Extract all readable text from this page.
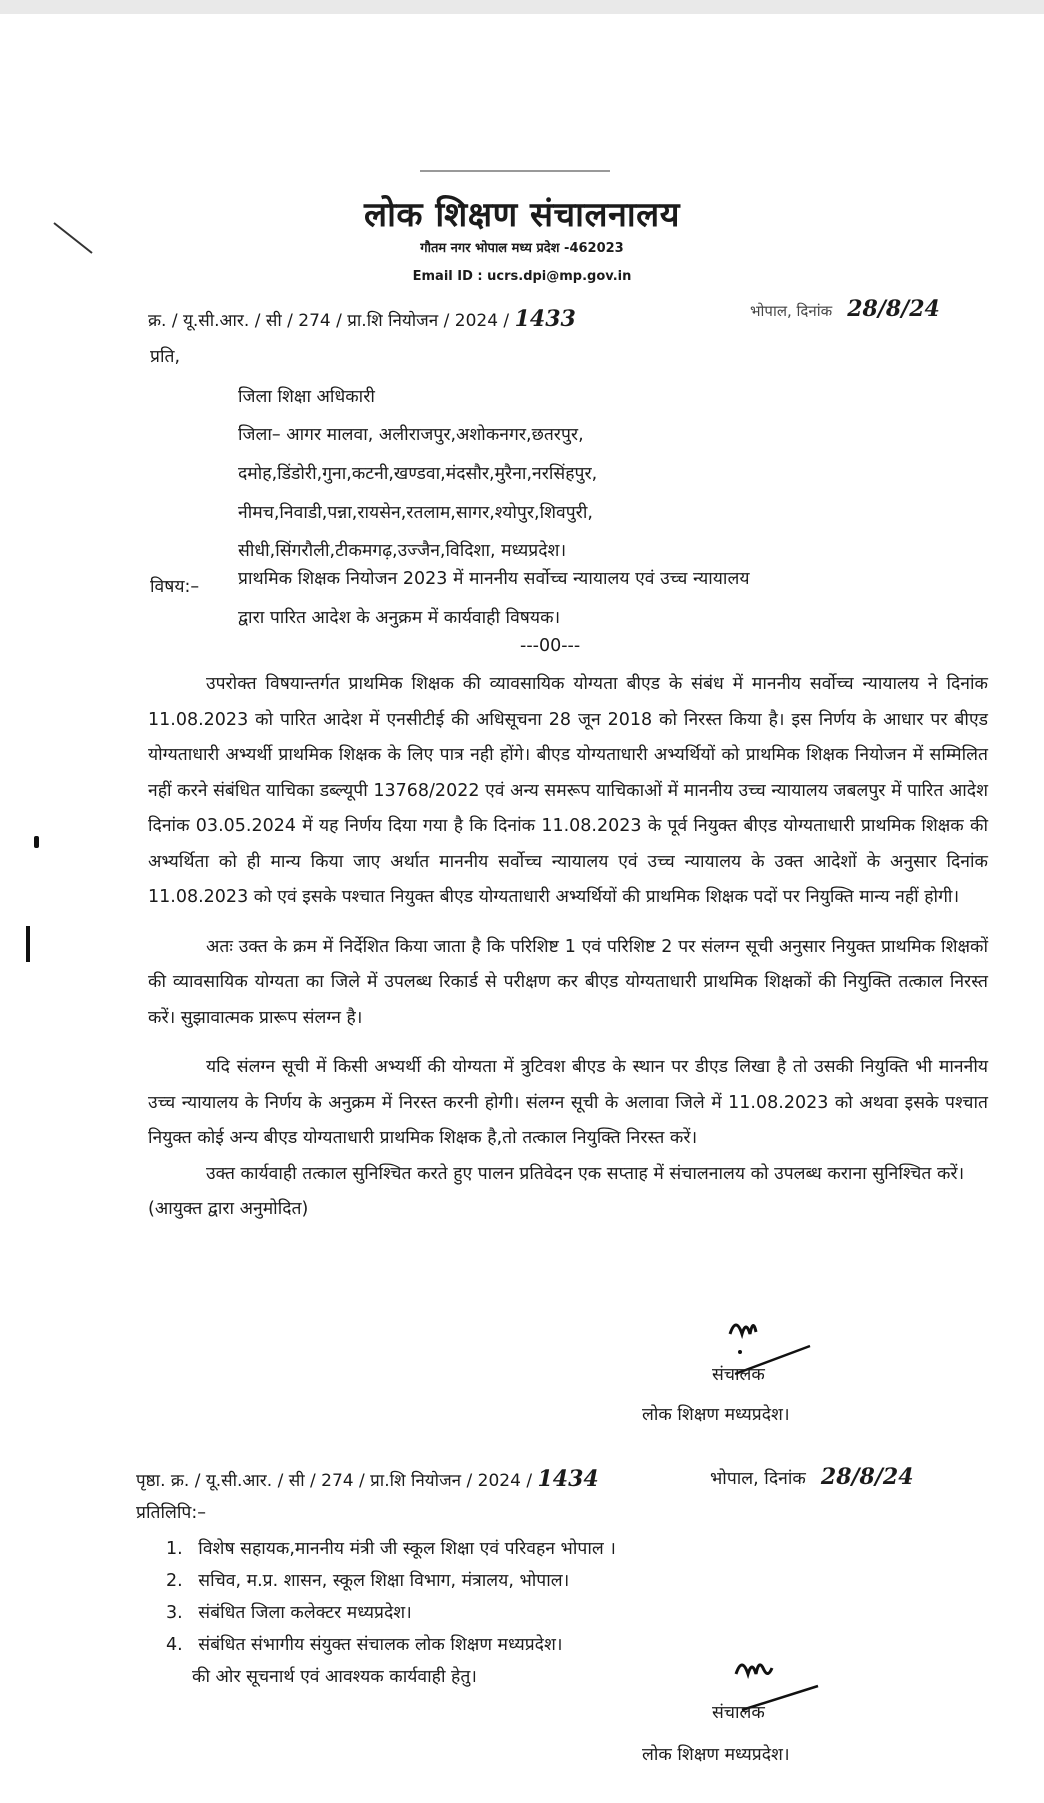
लोक शिक्षण संचालनालय
गौतम नगर भोपाल मध्य प्रदेश -462023
Email ID : ucrs.dpi@mp.gov.in
क्र. / यू.सी.आर. / सी / 274 / प्रा.शि नियोजन / 2024 / 1433	भोपाल, दिनांक 28/8/24
प्रति,
जिला शिक्षा अधिकारी
जिला– आगर मालवा, अलीराजपुर,अशोकनगर,छतरपुर,
दमोह,डिंडोरी,गुना,कटनी,खण्डवा,मंदसौर,मुरैना,नरसिंहपुर,
नीमच,निवाडी,पन्ना,रायसेन,रतलाम,सागर,श्योपुर,शिवपुरी,
सीधी,सिंगरौली,टीकमगढ़,उज्जैन,विदिशा, मध्यप्रदेश।
विषय:– प्राथमिक शिक्षक नियोजन 2023 में माननीय सर्वोच्च न्यायालय एवं उच्च न्यायालय
द्वारा पारित आदेश के अनुक्रम में कार्यवाही विषयक।
---00---

उपरोक्त विषयान्तर्गत प्राथमिक शिक्षक की व्यावसायिक योग्यता बीएड के संबंध में माननीय सर्वोच्च न्यायालय ने दिनांक 11.08.2023 को पारित आदेश में एनसीटीई की अधिसूचना 28 जून 2018 को निरस्त किया है। इस निर्णय के आधार पर बीएड योग्यताधारी अभ्यर्थी प्राथमिक शिक्षक के लिए पात्र नही होंगे। बीएड योग्यताधारी अभ्यर्थियों को प्राथमिक शिक्षक नियोजन में सम्मिलित नहीं करने संबंधित याचिका डब्ल्यूपी 13768/2022 एवं अन्य समरूप याचिकाओं में माननीय उच्च न्यायालय जबलपुर में पारित आदेश दिनांक 03.05.2024 में यह निर्णय दिया गया है कि दिनांक 11.08.2023 के पूर्व नियुक्त बीएड योग्यताधारी प्राथमिक शिक्षक की अभ्यर्थिता को ही मान्य किया जाए अर्थात माननीय सर्वोच्च न्यायालय एवं उच्च न्यायालय के उक्त आदेशों के अनुसार दिनांक 11.08.2023 को एवं इसके पश्चात नियुक्त बीएड योग्यताधारी अभ्यर्थियों की प्राथमिक शिक्षक पदों पर नियुक्ति मान्य नहीं होगी।

अतः उक्त के क्रम में निर्देशित किया जाता है कि परिशिष्ट 1 एवं परिशिष्ट 2 पर संलग्न सूची अनुसार नियुक्त प्राथमिक शिक्षकों की व्यावसायिक योग्यता का जिले में उपलब्ध रिकार्ड से परीक्षण कर बीएड योग्यताधारी प्राथमिक शिक्षकों की नियुक्ति तत्काल निरस्त करें। सुझावात्मक प्रारूप संलग्न है।

यदि संलग्न सूची में किसी अभ्यर्थी की योग्यता में त्रुटिवश बीएड के स्थान पर डीएड लिखा है तो उसकी नियुक्ति भी माननीय उच्च न्यायालय के निर्णय के अनुक्रम में निरस्त करनी होगी। संलग्न सूची के अलावा जिले में 11.08.2023 को अथवा इसके पश्चात नियुक्त कोई अन्य बीएड योग्यताधारी प्राथमिक शिक्षक है,तो तत्काल नियुक्ति निरस्त करें।

उक्त कार्यवाही तत्काल सुनिश्चित करते हुए पालन प्रतिवेदन एक सप्ताह में संचालनालय को उपलब्ध कराना सुनिश्चित करें।

(आयुक्त द्वारा अनुमोदित)

संचालक
लोक शिक्षण मध्यप्रदेश।
पृष्ठा. क्र. / यू.सी.आर. / सी / 274 / प्रा.शि नियोजन / 2024 / 1434	भोपाल, दिनांक 28/8/24
प्रतिलिपि:–
1. विशेष सहायक,माननीय मंत्री जी स्कूल शिक्षा एवं परिवहन भोपाल ।
2. सचिव, म.प्र. शासन, स्कूल शिक्षा विभाग, मंत्रालय, भोपाल।
3. संबंधित जिला कलेक्टर मध्यप्रदेश।
4. संबंधित संभागीय संयुक्त संचालक लोक शिक्षण मध्यप्रदेश।
की ओर सूचनार्थ एवं आवश्यक कार्यवाही हेतु।
संचालक
लोक शिक्षण मध्यप्रदेश।
